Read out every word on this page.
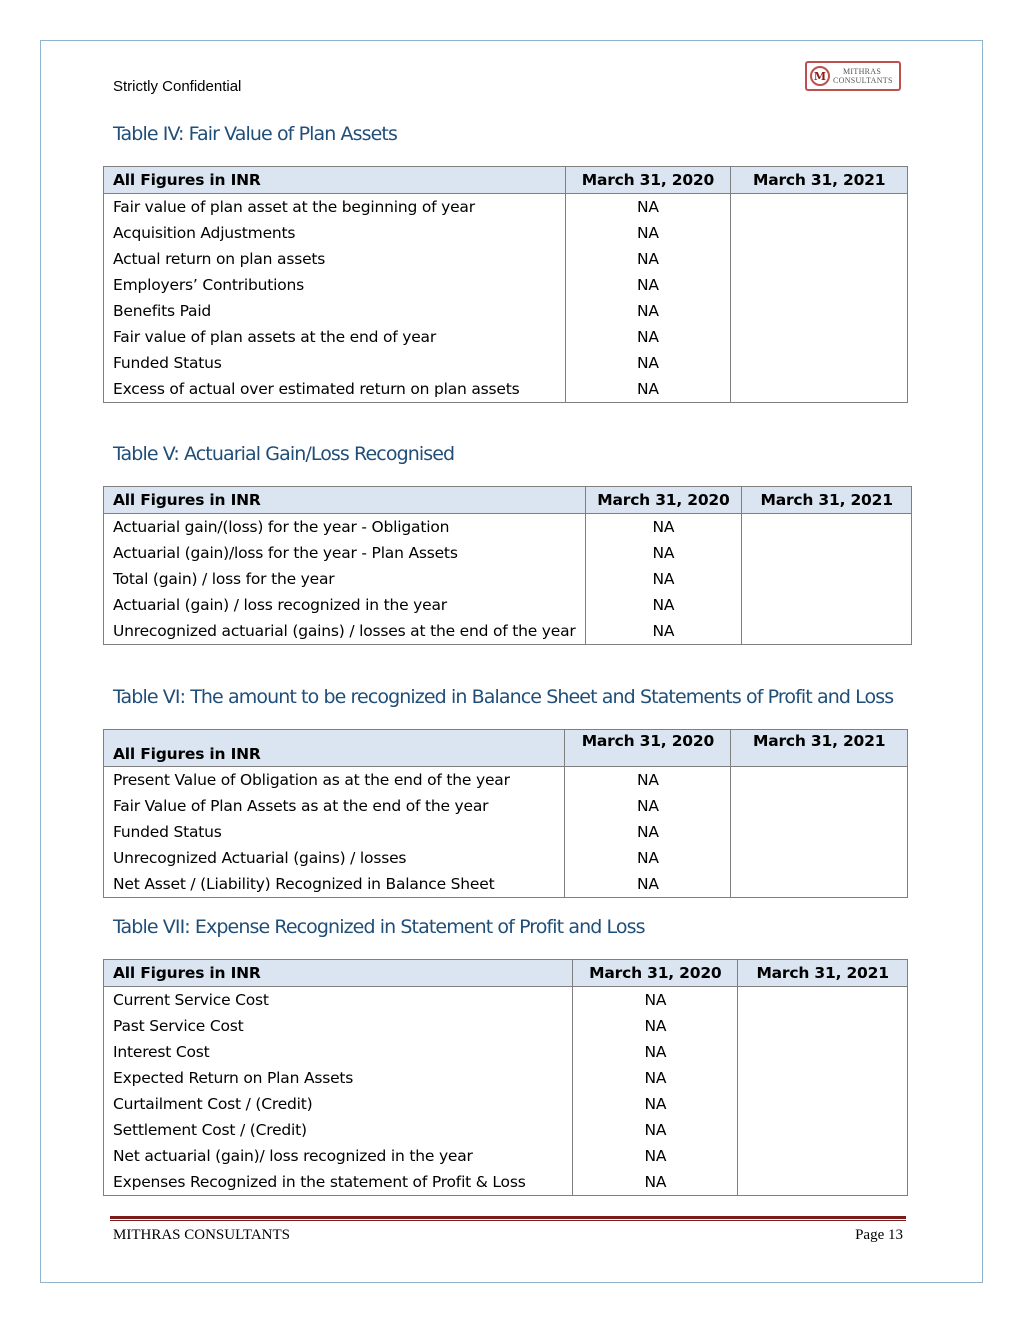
Strictly Confidential
M	MITHRAS
CONSULTANTS
Table IV: Fair Value of Plan Assets
All Figures in INR	March 31, 2020	March 31, 2021
Fair value of plan asset at the beginning of year	NA	
Acquisition Adjustments	NA	
Actual return on plan assets	NA	
Employers’ Contributions	NA	
Benefits Paid	NA	
Fair value of plan assets at the end of year	NA	
Funded Status	NA	
Excess of actual over estimated return on plan assets	NA	
Table V: Actuarial Gain/Loss Recognised
All Figures in INR	March 31, 2020	March 31, 2021
Actuarial gain/(loss) for the year - Obligation	NA	
Actuarial (gain)/loss for the year - Plan Assets	NA	
Total (gain) / loss for the year	NA	
Actuarial (gain) / loss recognized in the year	NA	
Unrecognized actuarial (gains) / losses at the end of the year	NA	
Table VI: The amount to be recognized in Balance Sheet and Statements of Profit and Loss
All Figures in INR	March 31, 2020	March 31, 2021
Present Value of Obligation as at the end of the year	NA	
Fair Value of Plan Assets as at the end of the year	NA	
Funded Status	NA	
Unrecognized Actuarial (gains) / losses	NA	
Net Asset / (Liability) Recognized in Balance Sheet	NA	
Table VII: Expense Recognized in Statement of Profit and Loss
All Figures in INR	March 31, 2020	March 31, 2021
Current Service Cost	NA	
Past Service Cost	NA	
Interest Cost	NA	
Expected Return on Plan Assets	NA	
Curtailment Cost / (Credit)	NA	
Settlement Cost / (Credit)	NA	
Net actuarial (gain)/ loss recognized in the year	NA	
Expenses Recognized in the statement of Profit & Loss	NA	
MITHRAS CONSULTANTS	Page 13
